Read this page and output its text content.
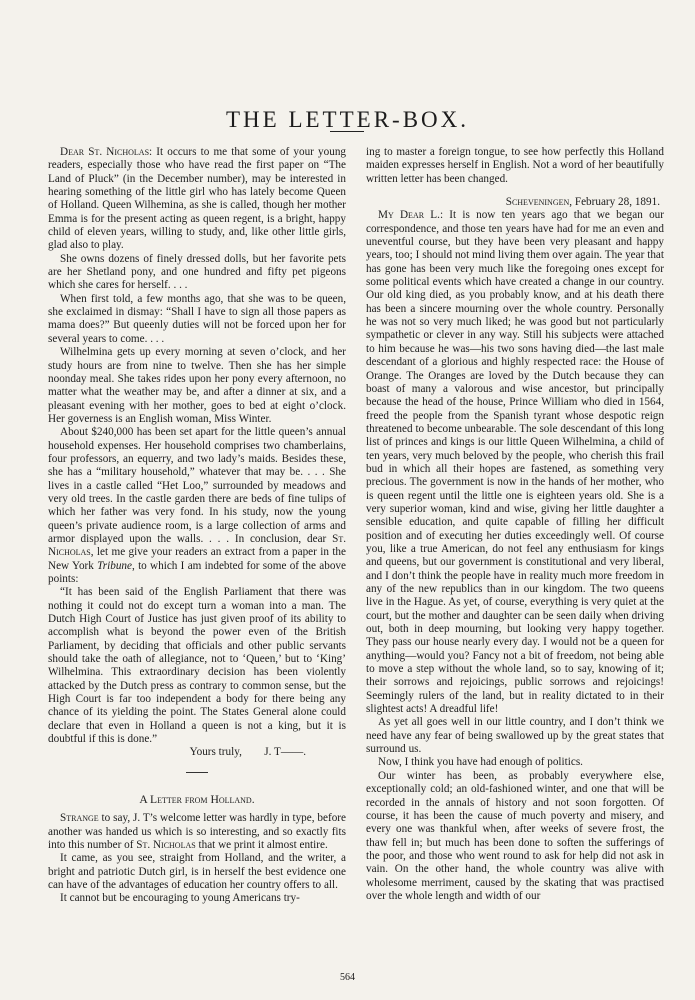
THE LETTER-BOX.

Dear St. Nicholas: It occurs to me that some of your young readers, especially those who have read the first paper on “The Land of Pluck” (in the December number), may be interested in hearing something of the little girl who has lately become Queen of Holland. Queen Wilhemina, as she is called, though her mother Emma is for the present acting as queen regent, is a bright, happy child of eleven years, willing to study, and, like other little girls, glad also to play.

She owns dozens of finely dressed dolls, but her favorite pets are her Shetland pony, and one hundred and fifty pet pigeons which she cares for herself. . . .

When first told, a few months ago, that she was to be queen, she exclaimed in dismay: “Shall I have to sign all those papers as mama does?” But queenly duties will not be forced upon her for several years to come. . . .

Wilhelmina gets up every morning at seven o’clock, and her study hours are from nine to twelve. Then she has her simple noonday meal. She takes rides upon her pony every afternoon, no matter what the weather may be, and after a dinner at six, and a pleasant evening with her mother, goes to bed at eight o’clock. Her governess is an English woman, Miss Winter.

About $240,000 has been set apart for the little queen’s annual household expenses. Her household comprises two chamberlains, four professors, an equerry, and two lady’s maids. Besides these, she has a “military household,” whatever that may be. . . . She lives in a castle called “Het Loo,” surrounded by meadows and very old trees. In the castle garden there are beds of fine tulips of which her father was very fond. In his study, now the young queen’s private audience room, is a large collection of arms and armor displayed upon the walls. . . . In conclusion, dear St. Nicholas, let me give your readers an extract from a paper in the New York Tribune, to which I am indebted for some of the above points:

“It has been said of the English Parliament that there was nothing it could not do except turn a woman into a man. The Dutch High Court of Justice has just given proof of its ability to accomplish what is beyond the power even of the British Parliament, by deciding that officials and other public servants should take the oath of allegiance, not to ‘Queen,’ but to ‘King’ Wilhelmina. This extraordinary decision has been violently attacked by the Dutch press as contrary to common sense, but the High Court is far too independent a body for there being any chance of its yielding the point. The States General alone could declare that even in Holland a queen is not a king, but it is doubtful if this is done.”

Yours truly,        J. T——.

A Letter from Holland.

Strange to say, J. T’s welcome letter was hardly in type, before another was handed us which is so interesting, and so exactly fits into this number of St. Nicholas that we print it almost entire.

It came, as you see, straight from Holland, and the writer, a bright and patriotic Dutch girl, is in herself the best evidence one can have of the advantages of education her country offers to all.

It cannot but be encouraging to young Americans try-

ing to master a foreign tongue, to see how perfectly this Holland maiden expresses herself in English. Not a word of her beautifully written letter has been changed.

Scheveningen, February 28, 1891.

My Dear L.: It is now ten years ago that we began our correspondence, and those ten years have had for me an even and uneventful course, but they have been very pleasant and happy years, too; I should not mind living them over again. The year that has gone has been very much like the foregoing ones except for some political events which have created a change in our country. Our old king died, as you probably know, and at his death there has been a sincere mourning over the whole country. Personally he was not so very much liked; he was good but not particularly sympathetic or clever in any way. Still his subjects were attached to him because he was—his two sons having died—the last male descendant of a glorious and highly respected race: the House of Orange. The Oranges are loved by the Dutch because they can boast of many a valorous and wise ancestor, but principally because the head of the house, Prince William who died in 1564, freed the people from the Spanish tyrant whose despotic reign threatened to become unbearable. The sole descendant of this long list of princes and kings is our little Queen Wilhelmina, a child of ten years, very much beloved by the people, who cherish this frail bud in which all their hopes are fastened, as something very precious. The government is now in the hands of her mother, who is queen regent until the little one is eighteen years old. She is a very superior woman, kind and wise, giving her little daughter a sensible education, and quite capable of filling her difficult position and of executing her duties exceedingly well. Of course you, like a true American, do not feel any enthusiasm for kings and queens, but our government is constitutional and very liberal, and I don’t think the people have in reality much more freedom in any of the new republics than in our kingdom. The two queens live in the Hague. As yet, of course, everything is very quiet at the court, but the mother and daughter can be seen daily when driving out, both in deep mourning, but looking very happy together. They pass our house nearly every day. I would not be a queen for anything—would you? Fancy not a bit of freedom, not being able to move a step without the whole land, so to say, knowing of it; their sorrows and rejoicings, public sorrows and rejoicings! Seemingly rulers of the land, but in reality dictated to in their slightest acts! A dreadful life!

As yet all goes well in our little country, and I don’t think we need have any fear of being swallowed up by the great states that surround us.

Now, I think you have had enough of politics.

Our winter has been, as probably everywhere else, exceptionally cold; an old-fashioned winter, and one that will be recorded in the annals of history and not soon forgotten. Of course, it has been the cause of much poverty and misery, and every one was thankful when, after weeks of severe frost, the thaw fell in; but much has been done to soften the sufferings of the poor, and those who went round to ask for help did not ask in vain. On the other hand, the whole country was alive with wholesome merriment, caused by the skating that was practised over the whole length and width of our

564
